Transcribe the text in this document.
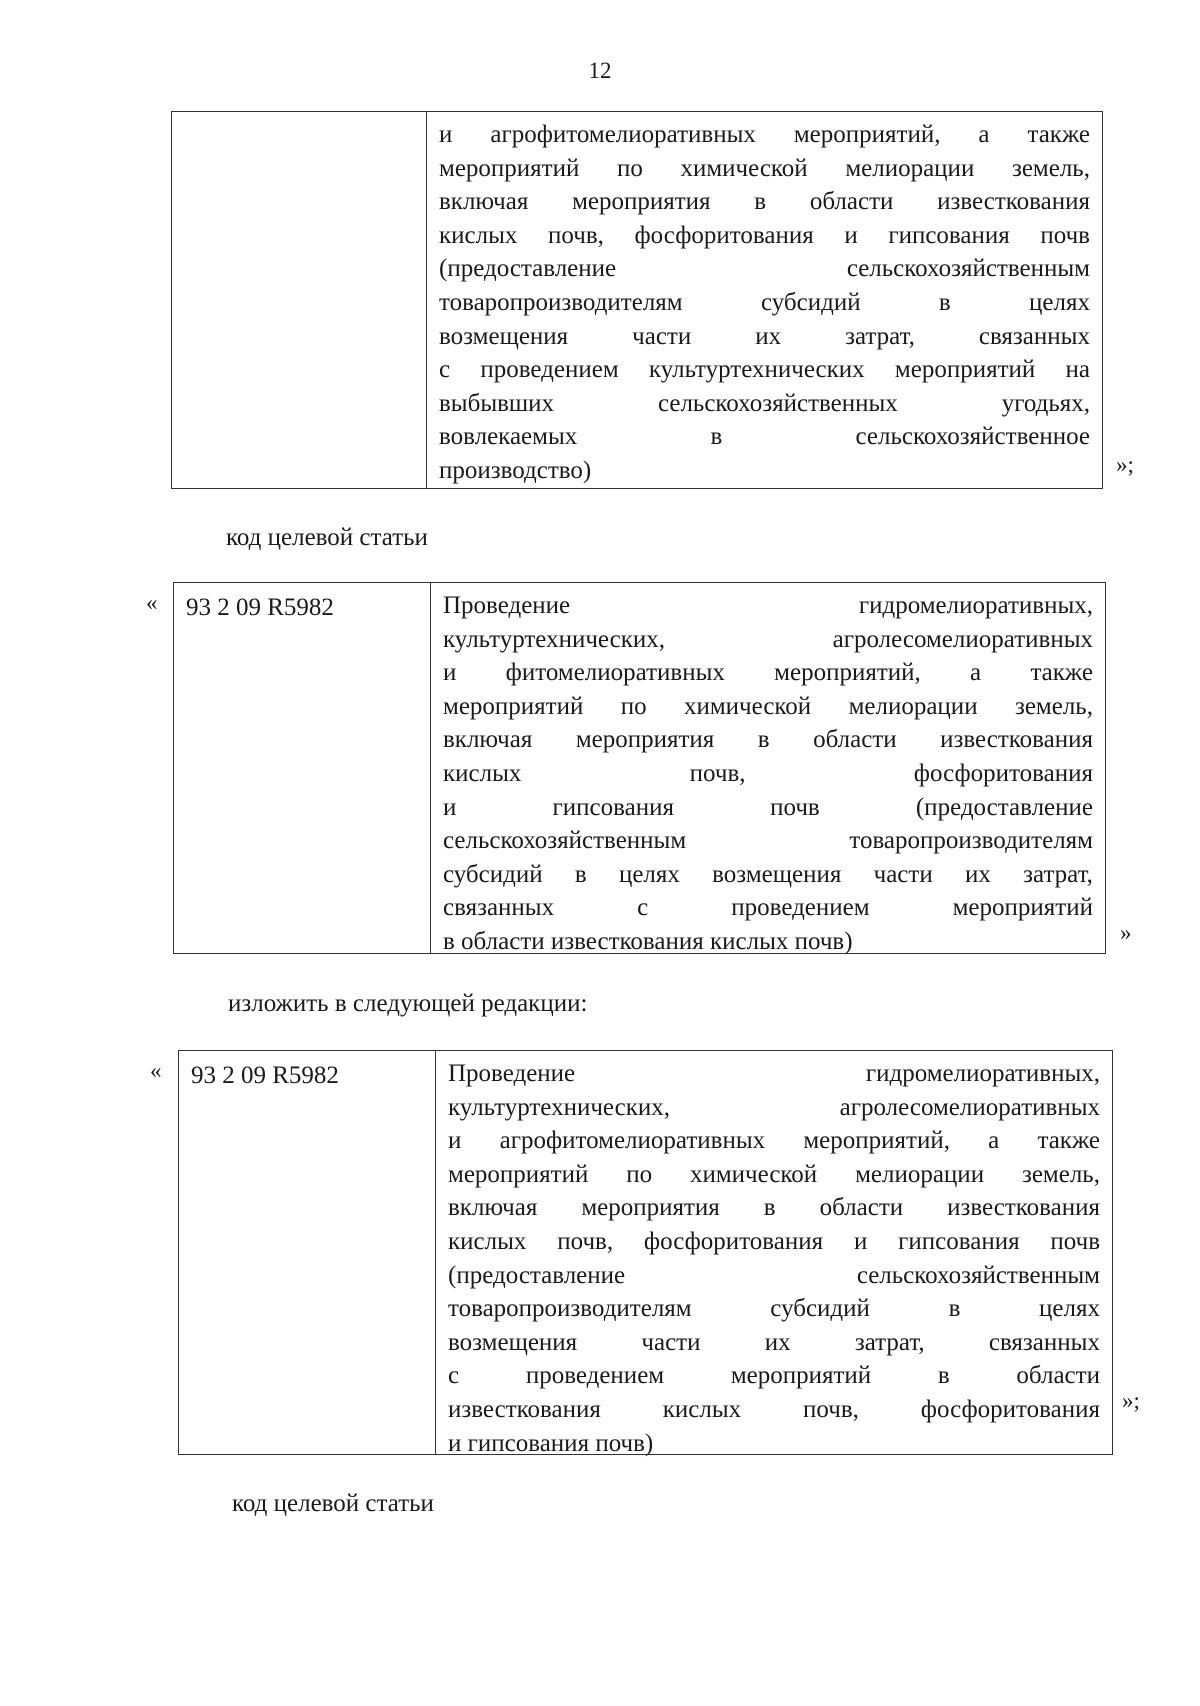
12
и агрофитомелиоративных мероприятий, а также
мероприятий по химической мелиорации земель,
включая мероприятия в области известкования
кислых почв, фосфоритования и гипсования почв
(предоставление	сельскохозяйственным
товаропроизводителям	субсидий	в	целях
возмещения	части	их	затрат,	связанных
с проведением культуртехнических мероприятий на
выбывших	сельскохозяйственных	угодьях,
вовлекаемых	в	сельскохозяйственное
производство)	»;
код целевой статьи
«	93 2 09 R5982	Проведение	гидромелиоративных,
культуртехнических,	агролесомелиоративных
и фитомелиоративных мероприятий, а также
мероприятий по химической мелиорации земель,
включая мероприятия в области известкования
кислых	почв,	фосфоритования
и	гипсования	почв	(предоставление
сельскохозяйственным	товаропроизводителям
субсидий в целях возмещения части их затрат,
связанных	с	проведением	мероприятий
в области известкования кислых почв)	»
изложить в следующей редакции:
«	93 2 09 R5982	Проведение	гидромелиоративных,
культуртехнических,	агролесомелиоративных
и агрофитомелиоративных мероприятий, а также
мероприятий по химической мелиорации земель,
включая мероприятия в области известкования
кислых почв, фосфоритования и гипсования почв
(предоставление	сельскохозяйственным
товаропроизводителям	субсидий	в	целях
возмещения	части	их	затрат,	связанных
с	проведением	мероприятий	в	области
известкования кислых почв, фосфоритования
и гипсования почв)
»;
код целевой статьи
